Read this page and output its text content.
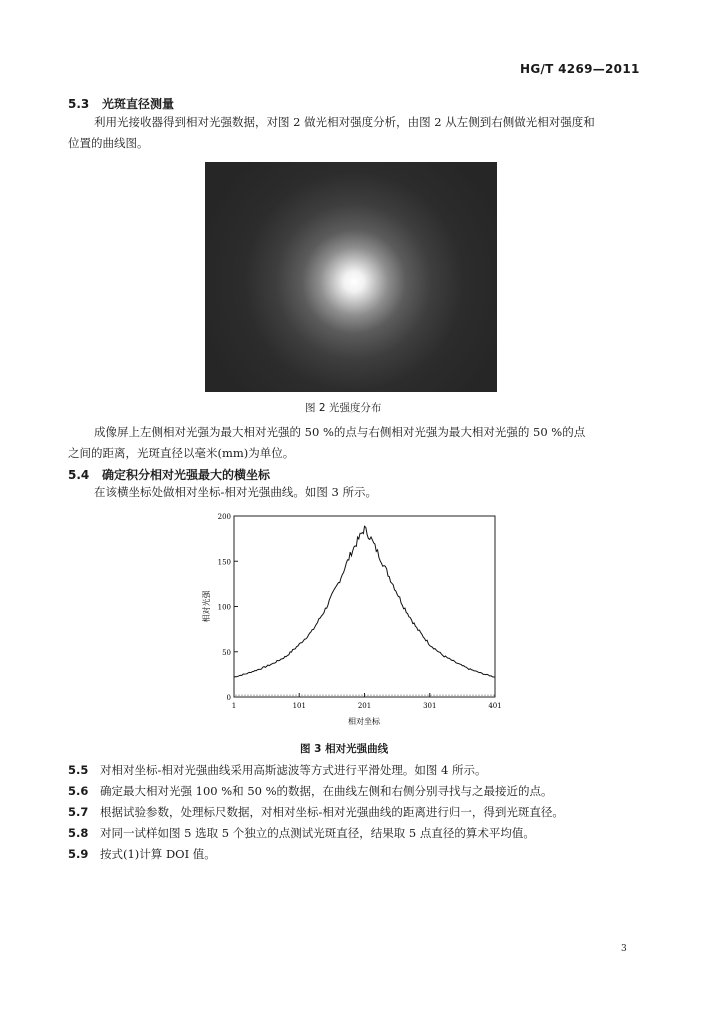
HG/T 4269—2011
5.3 光斑直径测量
利用光接收器得到相对光强数据，对图 2 做光相对强度分析，由图 2 从左侧到右侧做光相对强度和
位置的曲线图。
图 2 光强度分布
成像屏上左侧相对光强为最大相对光强的 50 %的点与右侧相对光强为最大相对光强的 50 %的点
之间的距离，光斑直径以毫米(mm)为单位。
5.4 确定积分相对光强最大的横坐标
在该横坐标处做相对坐标-相对光强曲线。如图 3 所示。
0
50
100
150
200
1	101	201	301	401
相对光强
相对坐标
图 3 相对光强曲线
5.5 对相对坐标-相对光强曲线采用高斯滤波等方式进行平滑处理。如图 4 所示。
5.6 确定最大相对光强 100 %和 50 %的数据，在曲线左侧和右侧分别寻找与之最接近的点。
5.7 根据试验参数，处理标尺数据，对相对坐标-相对光强曲线的距离进行归一，得到光斑直径。
5.8 对同一试样如图 5 选取 5 个独立的点测试光斑直径，结果取 5 点直径的算术平均值。
5.9 按式(1)计算 DOI 值。
3
